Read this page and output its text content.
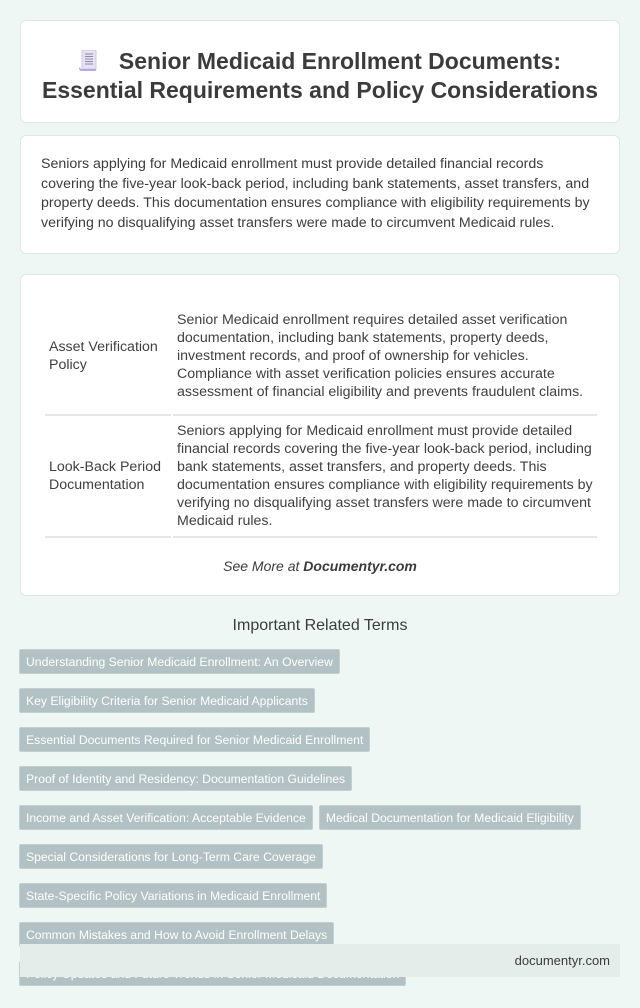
Senior Medicaid Enrollment Documents:
Essential Requirements and Policy Considerations

Seniors applying for Medicaid enrollment must provide detailed financial records covering the five-year look-back period, including bank statements, asset transfers, and property deeds. This documentation ensures compliance with eligibility requirements by verifying no disqualifying asset transfers were made to circumvent Medicaid rules.

Asset Verification Policy	Senior Medicaid enrollment requires detailed asset verification documentation, including bank statements, property deeds, investment records, and proof of ownership for vehicles. Compliance with asset verification policies ensures accurate assessment of financial eligibility and prevents fraudulent claims.
Look-Back Period Documentation	Seniors applying for Medicaid enrollment must provide detailed financial records covering the five-year look-back period, including bank statements, asset transfers, and property deeds. This documentation ensures compliance with eligibility requirements by verifying no disqualifying asset transfers were made to circumvent Medicaid rules.
See More at Documentyr.com
Important Related Terms
Understanding Senior Medicaid Enrollment: An Overview
Key Eligibility Criteria for Senior Medicaid Applicants
Essential Documents Required for Senior Medicaid Enrollment
Proof of Identity and Residency: Documentation Guidelines
Income and Asset Verification: Acceptable Evidence	Medical Documentation for Medicaid Eligibility
Special Considerations for Long-Term Care Coverage
State-Specific Policy Variations in Medicaid Enrollment
Common Mistakes and How to Avoid Enrollment Delays
documentyr.com
